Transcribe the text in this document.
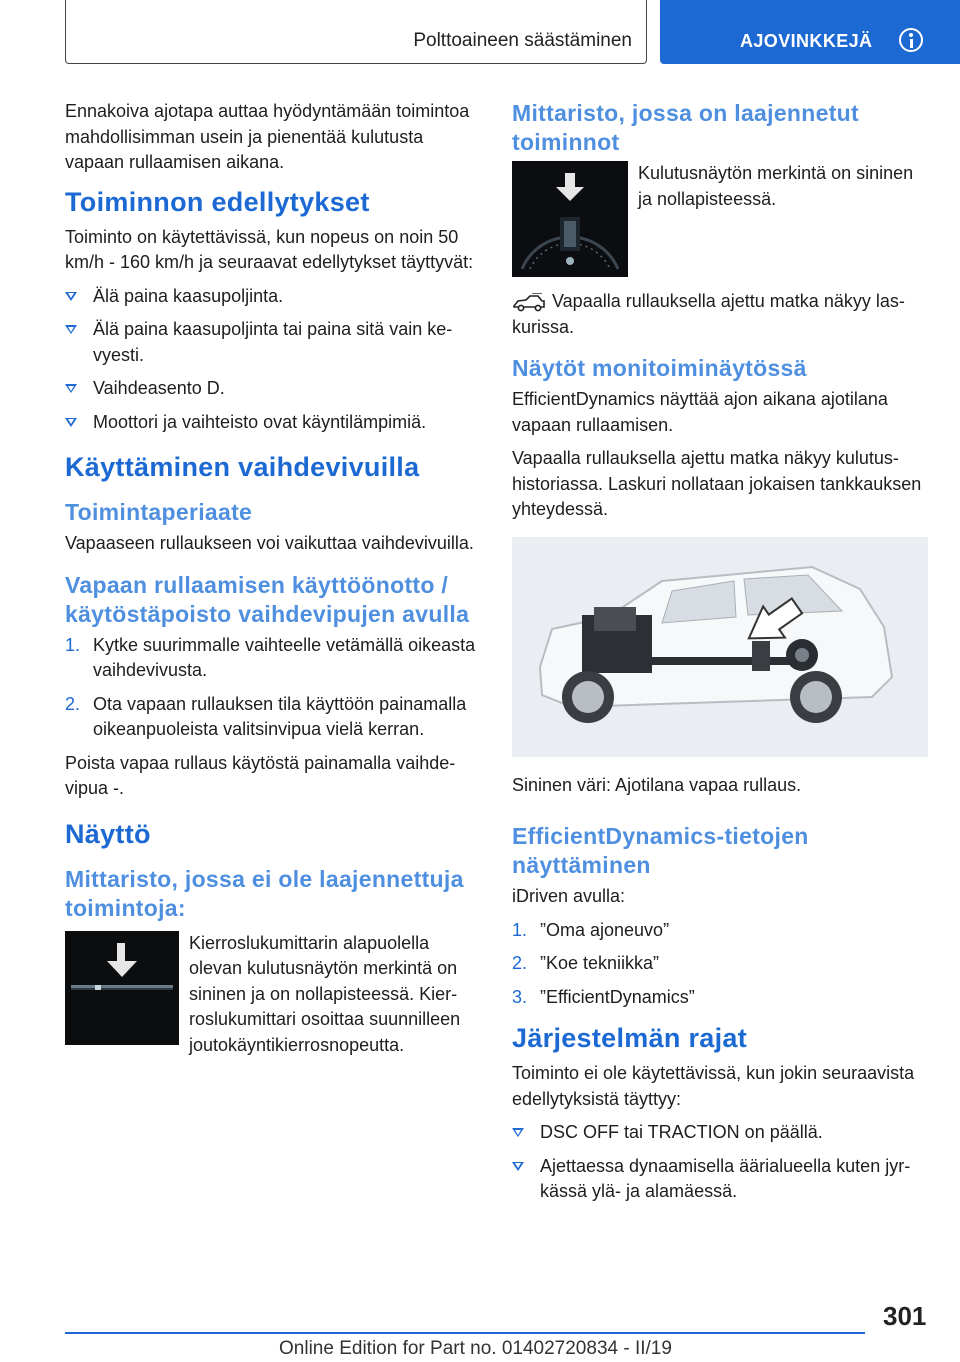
Polttoaineen säästäminen	AJOVINKKEJÄ

Ennakoiva ajotapa auttaa hyödyntämään toimintoa mahdollisimman usein ja pienentää kulutusta vapaan rullaamisen aikana.

Toiminnon edellytykset

Toiminto on käytettävissä, kun nopeus on noin 50 km/h - 160 km/h ja seuraavat edellytykset täyttyvät:

Älä paina kaasupoljinta.
Älä paina kaasupoljinta tai paina sitä vain kevyesti.
Vaihdeasento D.
Moottori ja vaihteisto ovat käyntilämpimiä.
Käyttäminen vaihdevivuilla
Toimintaperiaate

Vapaaseen rullaukseen voi vaikuttaa vaihdevivuilla.

Vapaan rullaamisen käyttöönotto / käytöstäpoisto vaihdevipujen avulla
1. Kytke suurimmalle vaihteelle vetämällä oikeasta vaihdevivusta.
2. Ota vapaan rullauksen tila käyttöön painamalla oikeanpuoleista valitsinvipua vielä kerran.

Poista vapaa rullaus käytöstä painamalla vaihdevipua -.

Näyttö
Mittaristo, jossa ei ole laajennettuja toimintoja:

Kierroslukumittarin alapuolella olevan kulutusnäytön merkintä on sininen ja on nollapisteessä. Kierroslukumittari osoittaa suunnilleen joutokäyntikierrosnopeutta.

Mittaristo, jossa on laajennetut toiminnot

Kulutusnäytön merkintä on sininen ja nollapisteessä.

Vapaalla rullauksella ajettu matka näkyy laskurissa.

Näytöt monitoiminäytössä

EfficientDynamics näyttää ajon aikana ajotilana vapaan rullaamisen.

Vapaalla rullauksella ajettu matka näkyy kulutushistoriassa. Laskuri nollataan jokaisen tankkauksen yhteydessä.

Sininen väri: Ajotilana vapaa rullaus.

EfficientDynamics-tietojen näyttäminen

iDriven avulla:

1. ”Oma ajoneuvo”
2. ”Koe tekniikka”
3. ”EfficientDynamics”
Järjestelmän rajat

Toiminto ei ole käytettävissä, kun jokin seuraavista edellytyksistä täyttyy:

DSC OFF tai TRACTION on päällä.
Ajettaessa dynaamisella äärialueella kuten jyrkässä ylä- ja alamäessä.
301
Online Edition for Part no. 01402720834 - II/19
